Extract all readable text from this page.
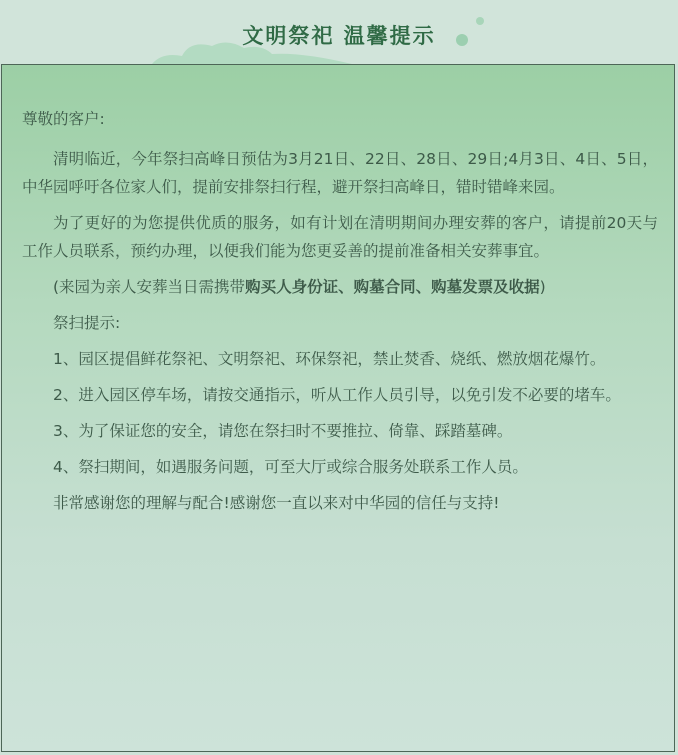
文明祭祀 温馨提示

尊敬的客户:

清明临近，今年祭扫高峰日预估为3月21日、22日、28日、29日;4月3日、4日、5日，中华园呼吁各位家人们，提前安排祭扫行程，避开祭扫高峰日，错时错峰来园。

为了更好的为您提供优质的服务，如有计划在清明期间办理安葬的客户，请提前20天与工作人员联系，预约办理，以便我们能为您更妥善的提前准备相关安葬事宜。

(来园为亲人安葬当日需携带购买人身份证、购墓合同、购墓发票及收据)

祭扫提示:

1、园区提倡鲜花祭祀、文明祭祀、环保祭祀，禁止焚香、烧纸、燃放烟花爆竹。

2、进入园区停车场，请按交通指示，听从工作人员引导，以免引发不必要的堵车。

3、为了保证您的安全，请您在祭扫时不要推拉、倚靠、踩踏墓碑。

4、祭扫期间，如遇服务问题，可至大厅或综合服务处联系工作人员。

非常感谢您的理解与配合!感谢您一直以来对中华园的信任与支持!
